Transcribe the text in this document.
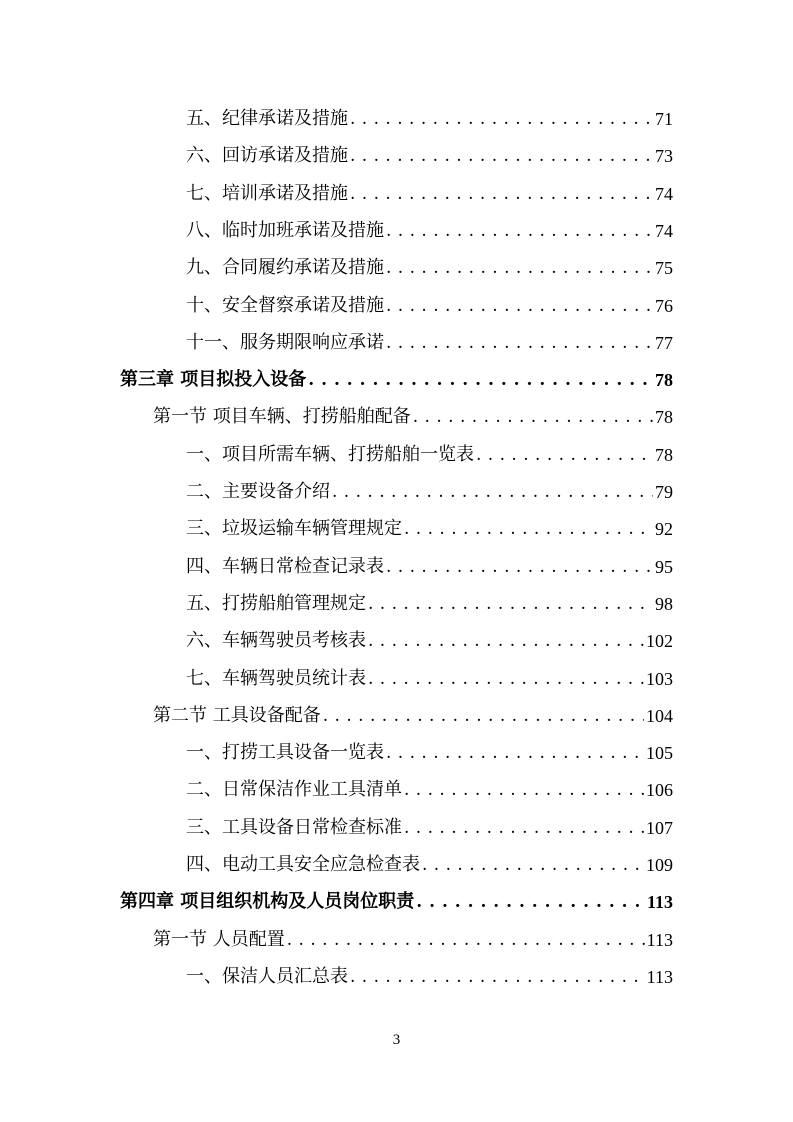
五、纪律承诺及措施 . . .	71
六、回访承诺及措施 . . .	73
七、培训承诺及措施 . . .	74
八、临时加班承诺及措施 . . .	74
九、合同履约承诺及措施 . . .	75
十、安全督察承诺及措施 . . .	76
十一、服务期限响应承诺 . . .	77
第三章 项目拟投入设备 . . .	78
第一节 项目车辆、打捞船舶配备 . . .	78
一、项目所需车辆、打捞船舶一览表 . . .	78
二、主要设备介绍 . . .	79
三、垃圾运输车辆管理规定 . . .	92
四、车辆日常检查记录表 . . .	95
五、打捞船舶管理规定 . . .	98
六、车辆驾驶员考核表 . . .	102
七、车辆驾驶员统计表 . . .	103
第二节 工具设备配备 . . .	104
一、打捞工具设备一览表 . . .	105
二、日常保洁作业工具清单 . . .	106
三、工具设备日常检查标准 . . .	107
四、电动工具安全应急检查表 . . .	109
第四章 项目组织机构及人员岗位职责 . . .	113
第一节 人员配置 . . .	113
一、保洁人员汇总表 . . .	113
3
